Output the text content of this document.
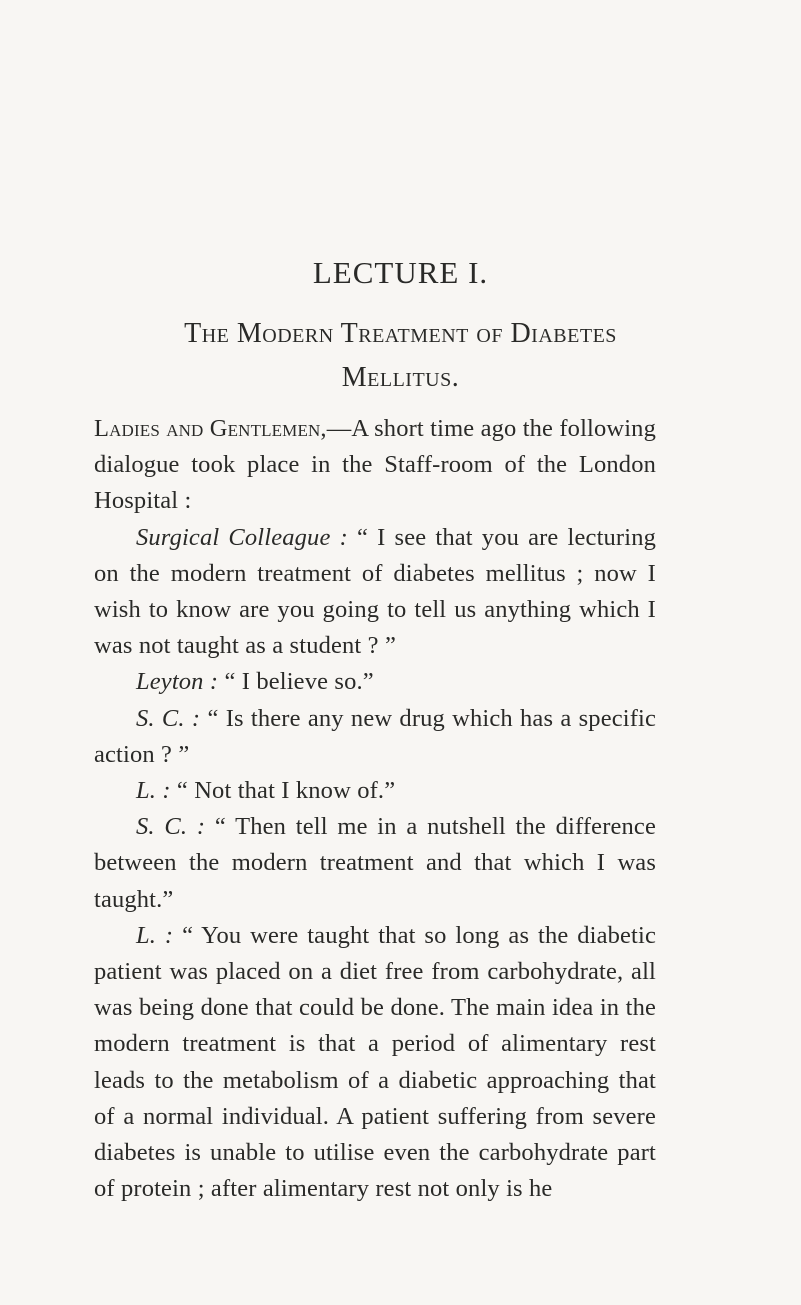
LECTURE I.
The Modern Treatment of Diabetes
Mellitus.

Ladies and Gentlemen,—A short time ago the following dialogue took place in the Staff-room of the London Hospital :

Surgical Colleague : “ I see that you are lecturing on the modern treatment of diabetes mellitus ; now I wish to know are you going to tell us anything which I was not taught as a student ? ”

Leyton : “ I believe so.”

S. C. : “ Is there any new drug which has a specific action ? ”

L. : “ Not that I know of.”

S. C. : “ Then tell me in a nutshell the difference between the modern treatment and that which I was taught.”

L. : “ You were taught that so long as the diabetic patient was placed on a diet free from carbohydrate, all was being done that could be done. The main idea in the modern treatment is that a period of alimentary rest leads to the metabolism of a diabetic approaching that of a normal individual. A patient suffering from severe diabetes is unable to utilise even the carbohydrate part of protein ; after alimentary rest not only is he
